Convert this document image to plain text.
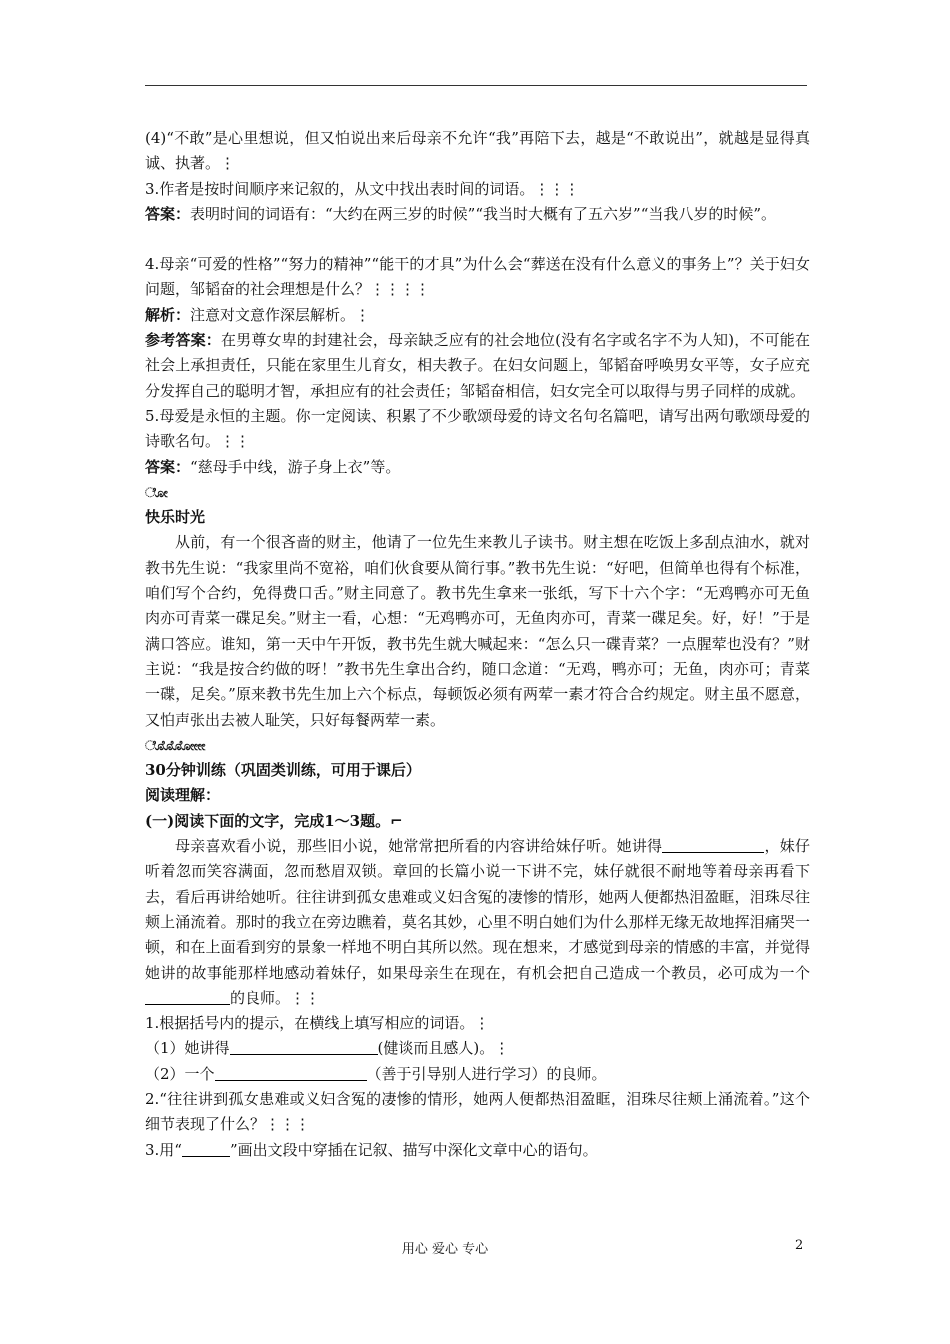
(4)“不敢”是心里想说，但又怕说出来后母亲不允许“我”再陪下去，越是“不敢说出”，就越是显得真诚、执著。⋮

3.作者是按时间顺序来记叙的，从文中找出表时间的词语。⋮⋮⋮

答案：表明时间的词语有：“大约在两三岁的时候”“我当时大概有了五六岁”“当我八岁的时候”。

4.母亲“可爱的性格”“努力的精神”“能干的才具”为什么会“葬送在没有什么意义的事务上”？关于妇女问题，邹韬奋的社会理想是什么？⋮⋮⋮⋮

解析：注意对文意作深层解析。⋮

参考答案：在男尊女卑的封建社会，母亲缺乏应有的社会地位(没有名字或名字不为人知)，不可能在社会上承担责任，只能在家里生儿育女，相夫教子。在妇女问题上，邹韬奋呼唤男女平等，女子应充分发挥自己的聪明才智，承担应有的社会责任；邹韬奋相信，妇女完全可以取得与男子同样的成就。

5.母爱是永恒的主题。你一定阅读、积累了不少歌颂母爱的诗文名句名篇吧，请写出两句歌颂母爱的诗歌名句。⋮⋮

答案：“慈母手中线，游子身上衣”等。

ೋ

快乐时光

从前，有一个很吝啬的财主，他请了一位先生来教儿子读书。财主想在吃饭上多刮点油水，就对教书先生说：“我家里尚不宽裕，咱们伙食要从简行事。”教书先生说：“好吧，但简单也得有个标准，咱们写个合约，免得费口舌。”财主同意了。教书先生拿来一张纸，写下十六个字：“无鸡鸭亦可无鱼肉亦可青菜一碟足矣。”财主一看，心想：“无鸡鸭亦可，无鱼肉亦可，青菜一碟足矣。好，好！”于是满口答应。谁知，第一天中午开饭，教书先生就大喊起来：“怎么只一碟青菜？一点腥荤也没有？”财主说：“我是按合约做的呀！”教书先生拿出合约，随口念道：“无鸡，鸭亦可；无鱼，肉亦可；青菜一碟，足矣。”原来教书先生加上六个标点，每顿饭必须有两荤一素才符合合约规定。财主虽不愿意，又怕声张出去被人耻笑，只好每餐两荤一素。

ೋೋೋೋ

30分钟训练（巩固类训练，可用于课后）

阅读理解：

(一)阅读下面的文字，完成1～3题。⌐

母亲喜欢看小说，那些旧小说，她常常把所看的内容讲给妹仔听。她讲得	，妹仔听着忽而笑容满面，忽而愁眉双锁。章回的长篇小说一下讲不完，妹仔就很不耐地等着母亲再看下去，看后再讲给她听。往往讲到孤女患难或义妇含冤的凄惨的情形，她两人便都热泪盈眶，泪珠尽往颊上涌流着。那时的我立在旁边瞧着，莫名其妙，心里不明白她们为什么那样无缘无故地挥泪痛哭一顿，和在上面看到穷的景象一样地不明白其所以然。现在想来，才感觉到母亲的情感的丰富，并觉得她讲的故事能那样地感动着妹仔，如果母亲生在现在，有机会把自己造成一个教员，必可成为一个的良师。⋮⋮

1.根据括号内的提示，在横线上填写相应的词语。⋮

（1）她讲得	(健谈而且感人)。⋮

（2）一个	（善于引导别人进行学习）的良师。

2.“往往讲到孤女患难或义妇含冤的凄惨的情形，她两人便都热泪盈眶，泪珠尽往颊上涌流着。”这个细节表现了什么？⋮⋮⋮

3.用“	”画出文段中穿插在记叙、描写中深化文章中心的语句。

用心 爱心 专心	2
